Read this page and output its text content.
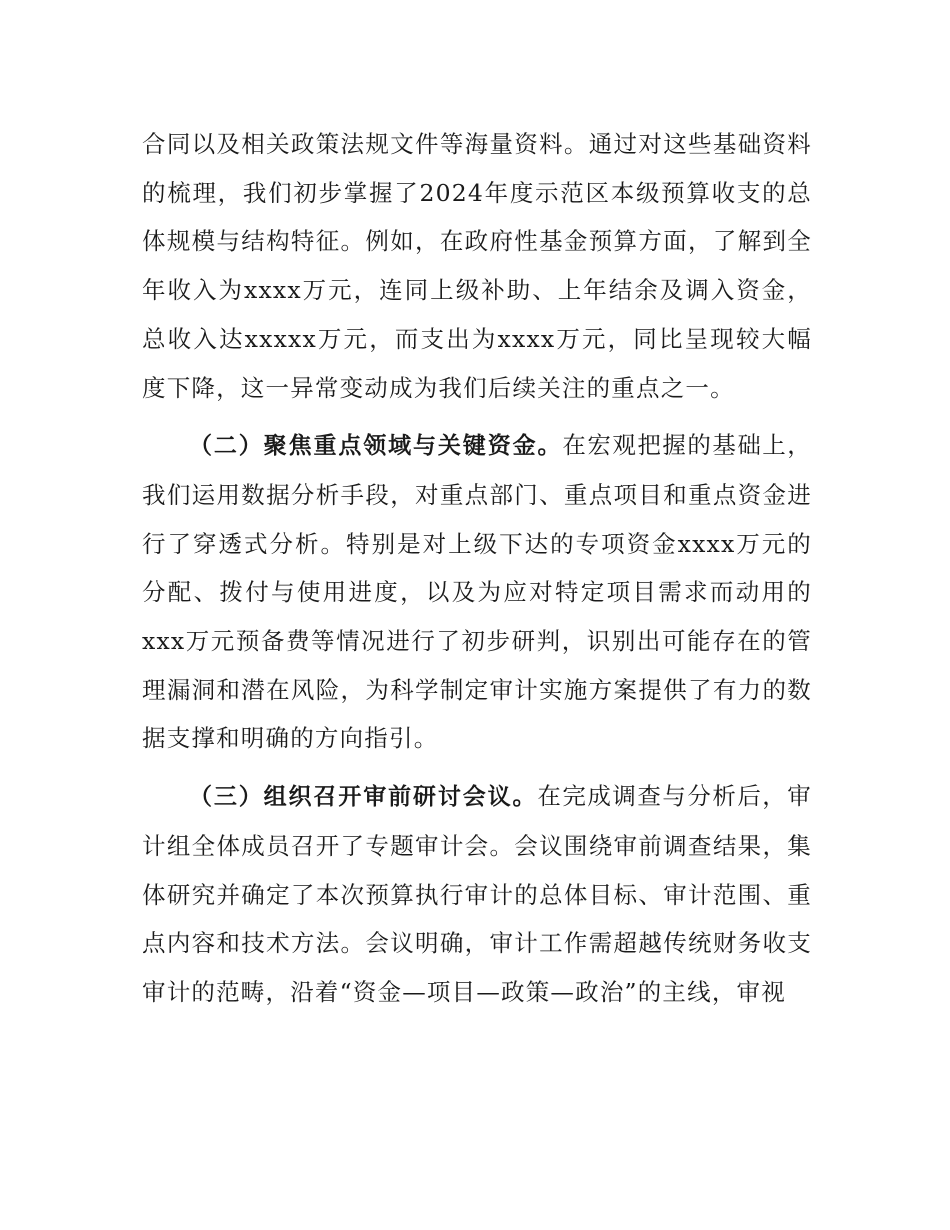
合同以及相关政策法规文件等海量资料。通过对这些基础资料的梳理，我们初步掌握了2024年度示范区本级预算收支的总体规模与结构特征。例如，在政府性基金预算方面，了解到全年收入为xxxx万元，连同上级补助、上年结余及调入资金，总收入达xxxxx万元，而支出为xxxx万元，同比呈现较大幅度下降，这一异常变动成为我们后续关注的重点之一。

（二）聚焦重点领域与关键资金。在宏观把握的基础上，我们运用数据分析手段，对重点部门、重点项目和重点资金进行了穿透式分析。特别是对上级下达的专项资金xxxx万元的分配、拨付与使用进度，以及为应对特定项目需求而动用的xxx万元预备费等情况进行了初步研判，识别出可能存在的管理漏洞和潜在风险，为科学制定审计实施方案提供了有力的数据支撑和明确的方向指引。

（三）组织召开审前研讨会议。在完成调查与分析后，审计组全体成员召开了专题审计会。会议围绕审前调查结果，集体研究并确定了本次预算执行审计的总体目标、审计范围、重点内容和技术方法。会议明确，审计工作需超越传统财务收支审计的范畴，沿着“资金—项目—政策—政治”的主线，审视
